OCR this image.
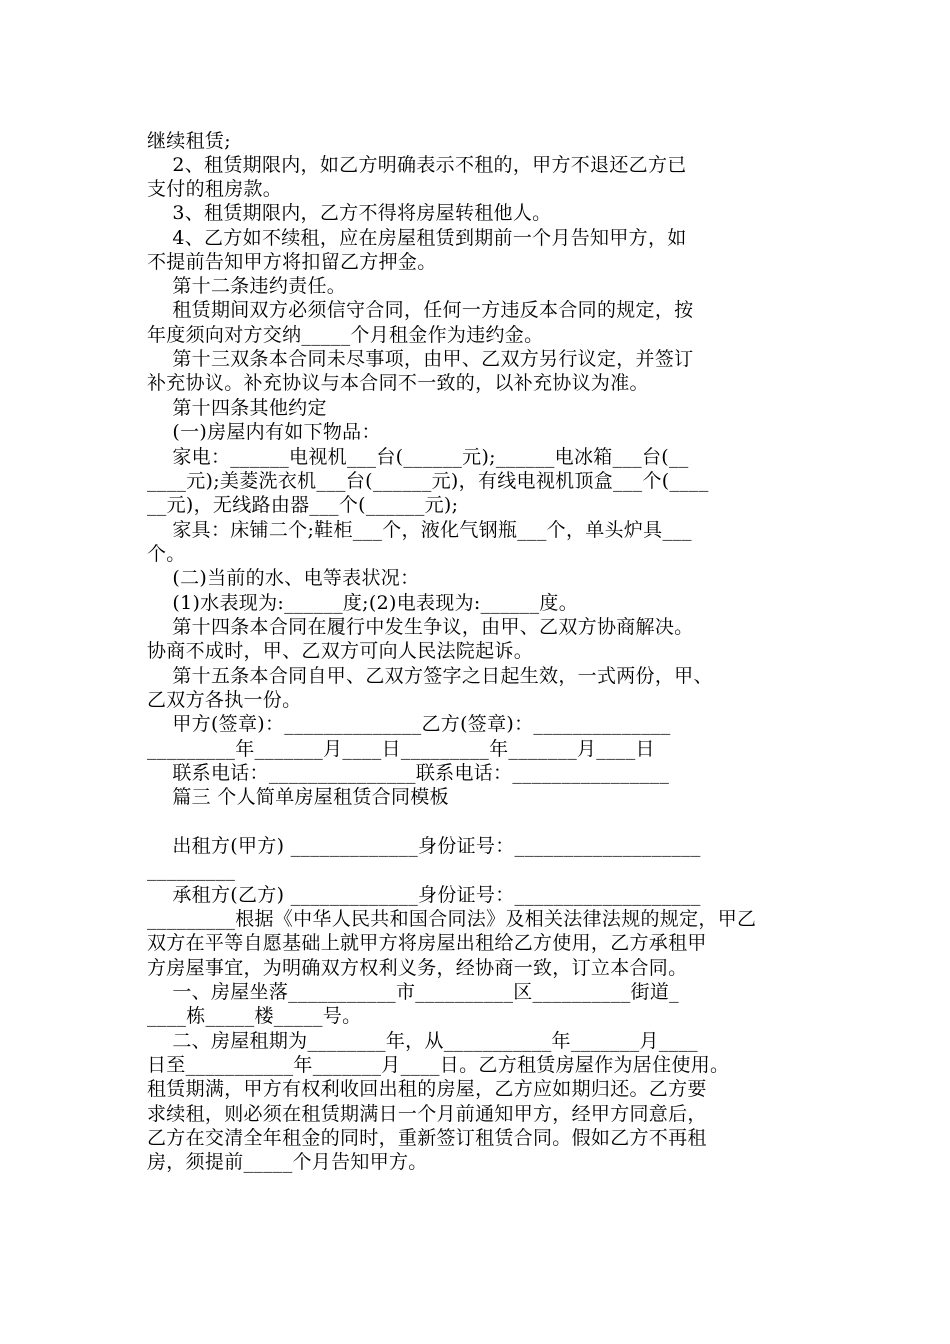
继续租赁;
2、租赁期限内，如乙方明确表示不租的，甲方不退还乙方已
支付的租房款。
3、租赁期限内，乙方不得将房屋转租他人。
4、乙方如不续租，应在房屋租赁到期前一个月告知甲方，如
不提前告知甲方将扣留乙方押金。
第十二条违约责任。
租赁期间双方必须信守合同，任何一方违反本合同的规定，按
年度须向对方交纳_____个月租金作为违约金。
第十三双条本合同未尽事项，由甲、乙双方另行议定，并签订
补充协议。补充协议与本合同不一致的，以补充协议为准。
第十四条其他约定
(一)房屋内有如下物品：
家电：______电视机___台(______元);______电冰箱___台(__
____元);美菱洗衣机___台(______元)，有线电视机顶盒___个(____
__元)，无线路由器___个(______元);
家具：床铺二个;鞋柜___个，液化气钢瓶___个，单头炉具___
个。
(二)当前的水、电等表状况：
(1)水表现为:______度;(2)电表现为:______度。
第十四条本合同在履行中发生争议，由甲、乙双方协商解决。
协商不成时，甲、乙双方可向人民法院起诉。
第十五条本合同自甲、乙双方签字之日起生效，一式两份，甲、
乙双方各执一份。
甲方(签章)：______________乙方(签章)：______________
_________年_______月____日_________年_______月____日
联系电话：_______________联系电话：________________
篇三 个人简单房屋租赁合同模板
出租方(甲方) _____________身份证号：___________________
_________
承租方(乙方) _____________身份证号：___________________
_________根据《中华人民共和国合同法》及相关法律法规的规定，甲乙
双方在平等自愿基础上就甲方将房屋出租给乙方使用，乙方承租甲
方房屋事宜，为明确双方权利义务，经协商一致，订立本合同。
一、房屋坐落___________市__________区__________街道_
____栋_____楼_____号。
二、房屋租期为________年，从___________年_______月____
日至___________年_______月____日。乙方租赁房屋作为居住使用。
租赁期满，甲方有权利收回出租的房屋，乙方应如期归还。乙方要
求续租，则必须在租赁期满日一个月前通知甲方，经甲方同意后，
乙方在交清全年租金的同时，重新签订租赁合同。假如乙方不再租
房，须提前_____个月告知甲方。
